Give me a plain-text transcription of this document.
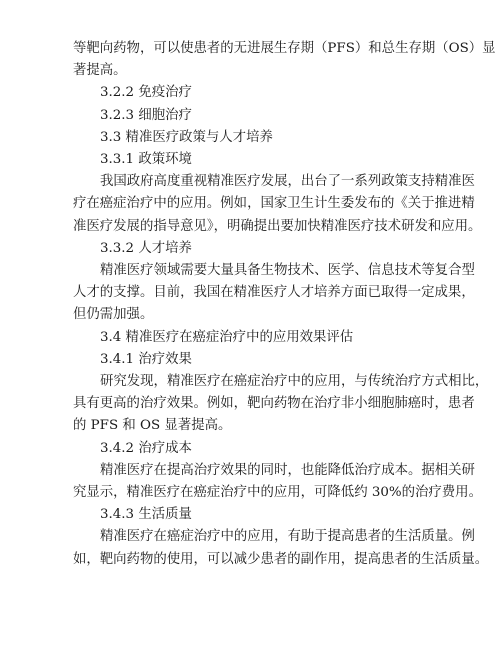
等靶向药物，可以使患者的无进展生存期（PFS）和总生存期（OS）显
著提高。
3.2.2 免疫治疗
3.2.3 细胞治疗
3.3 精准医疗政策与人才培养
3.3.1 政策环境
我国政府高度重视精准医疗发展，出台了一系列政策支持精准医
疗在癌症治疗中的应用。例如，国家卫生计生委发布的《关于推进精
准医疗发展的指导意见》，明确提出要加快精准医疗技术研发和应用。
3.3.2 人才培养
精准医疗领域需要大量具备生物技术、医学、信息技术等复合型
人才的支撑。目前，我国在精准医疗人才培养方面已取得一定成果，
但仍需加强。
3.4 精准医疗在癌症治疗中的应用效果评估
3.4.1 治疗效果
研究发现，精准医疗在癌症治疗中的应用，与传统治疗方式相比，
具有更高的治疗效果。例如，靶向药物在治疗非小细胞肺癌时，患者
的 PFS 和 OS 显著提高。
3.4.2 治疗成本
精准医疗在提高治疗效果的同时，也能降低治疗成本。据相关研
究显示，精准医疗在癌症治疗中的应用，可降低约 30%的治疗费用。
3.4.3 生活质量
精准医疗在癌症治疗中的应用，有助于提高患者的生活质量。例
如，靶向药物的使用，可以减少患者的副作用，提高患者的生活质量。
